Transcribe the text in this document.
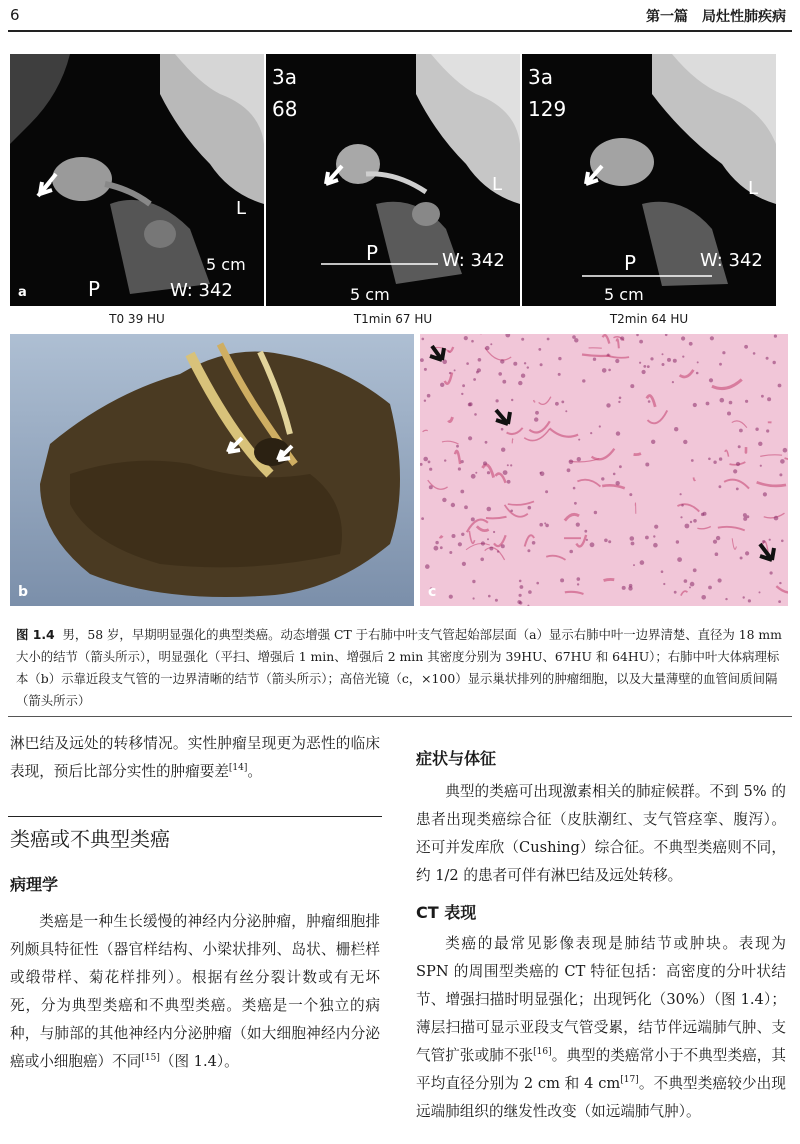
6	第一篇　局灶性肺疾病
a	P	W: 342
5 cm
L
3a
68
P
5 cm
W: 342
L
3a
129
P
5 cm
W: 342
L
T0 39 HU	T1min 67 HU	T2min 64 HU
b	c
图 1.4 男，58 岁，早期明显强化的典型类癌。动态增强 CT 于右肺中叶支气管起始部层面（a）显示右肺中叶一边界清楚、直径为 18 mm 大小的结节（箭头所示），明显强化（平扫、增强后 1 min、增强后 2 min 其密度分别为 39HU、67HU 和 64HU）；右肺中叶大体病理标本（b）示靠近段支气管的一边界清晰的结节（箭头所示）；高倍光镜（c，×100）显示巢状排列的肿瘤细胞，以及大量薄壁的血管间质间隔（箭头所示）
淋巴结及远处的转移情况。实性肿瘤呈现更为恶性的临床表现，预后比部分实性的肿瘤要差[14]。
类癌或不典型类癌
病理学
类癌是一种生长缓慢的神经内分泌肿瘤，肿瘤细胞排列颇具特征性（器官样结构、小梁状排列、岛状、栅栏样或缎带样、菊花样排列）。根据有丝分裂计数或有无坏死，分为典型类癌和不典型类癌。类癌是一个独立的病种，与肺部的其他神经内分泌肿瘤（如大细胞神经内分泌癌或小细胞癌）不同[15]（图 1.4）。
症状与体征
典型的类癌可出现激素相关的肺症候群。不到 5% 的患者出现类癌综合征（皮肤潮红、支气管痉挛、腹泻）。还可并发库欣（Cushing）综合征。不典型类癌则不同，约 1/2 的患者可伴有淋巴结及远处转移。
CT 表现
类癌的最常见影像表现是肺结节或肿块。表现为 SPN 的周围型类癌的 CT 特征包括：高密度的分叶状结节、增强扫描时明显强化；出现钙化（30%）（图 1.4）；薄层扫描可显示亚段支气管受累，结节伴远端肺气肿、支气管扩张或肺不张[16]。典型的类癌常小于不典型类癌，其平均直径分别为 2 cm 和 4 cm[17]。不典型类癌较少出现远端肺组织的继发性改变（如远端肺气肿）。
